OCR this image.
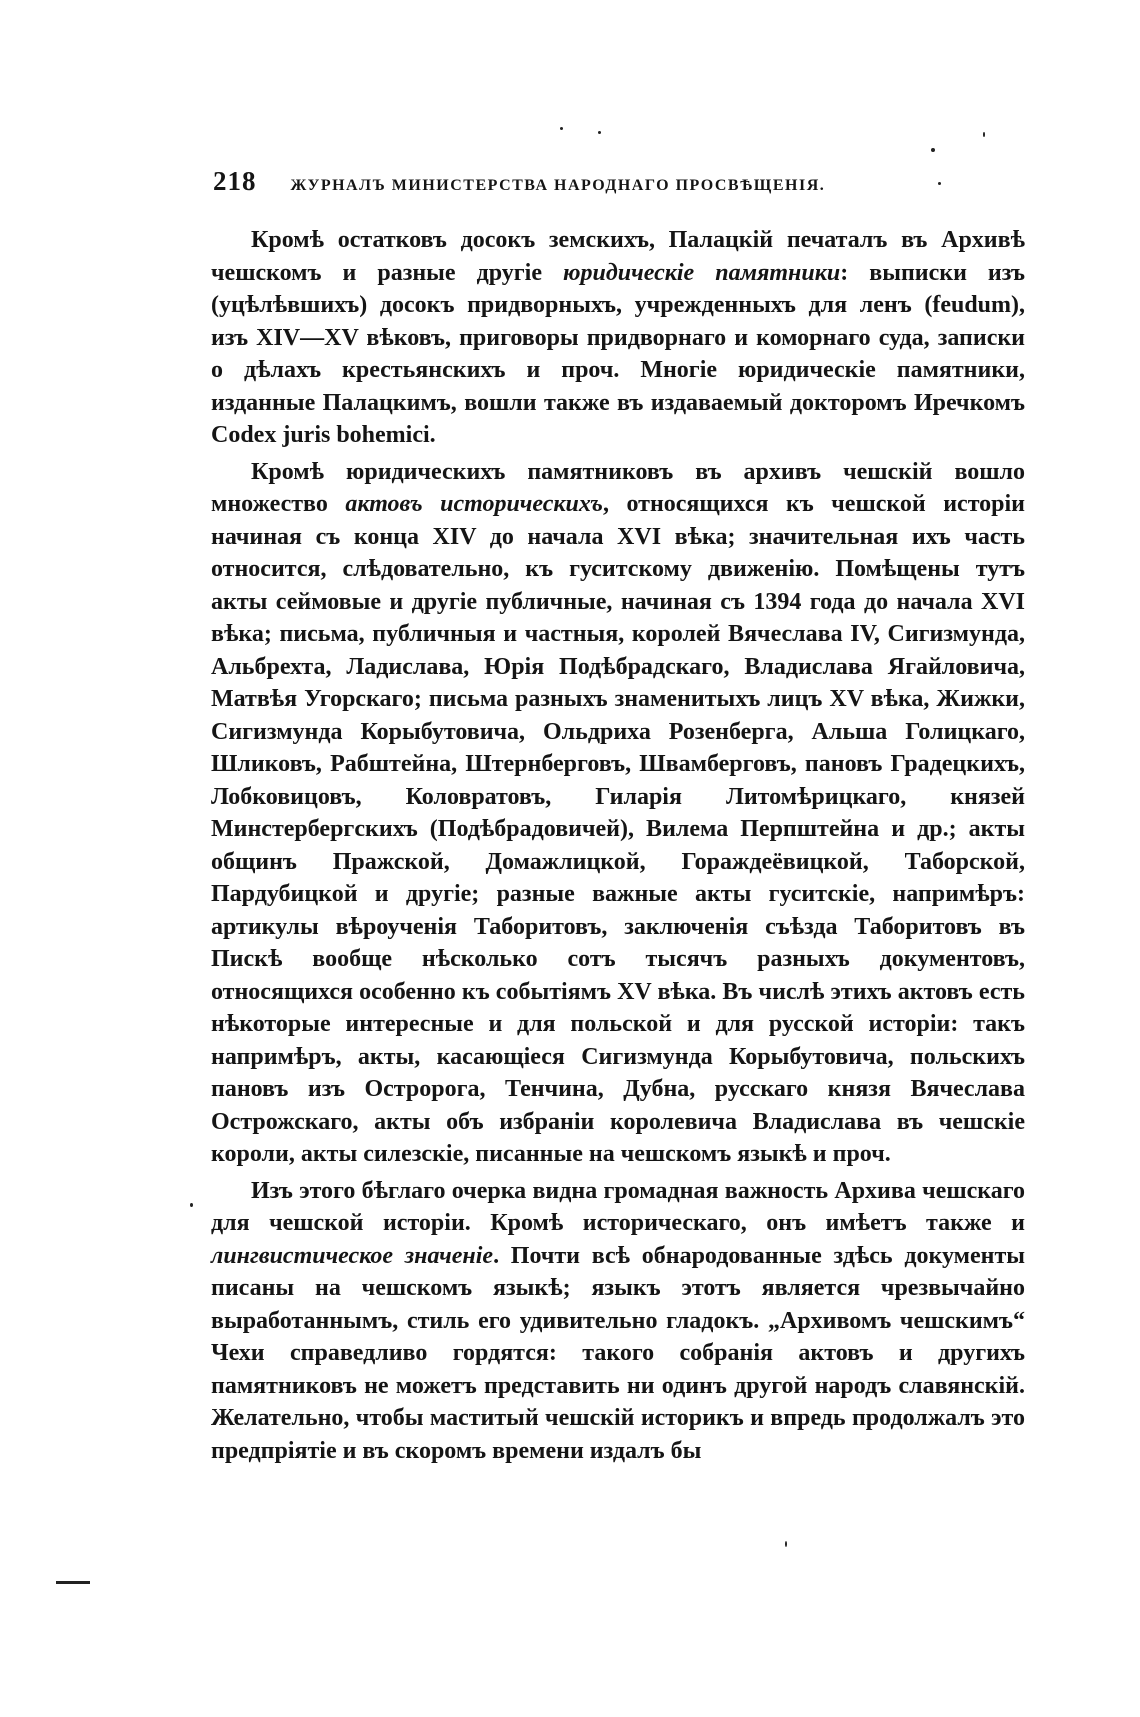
218 ЖУРНАЛЪ МИНИСТЕРСТВА НАРОДНАГО ПРОСВѢЩЕНІЯ.

Кромѣ остатковъ досокъ земскихъ, Палацкій печаталъ въ Архивѣ чешскомъ и разные другіе юридическіе памятники: выписки изъ (уцѣлѣвшихъ) досокъ придворныхъ, учрежденныхъ для ленъ (feudum), изъ XIV—XV вѣковъ, приговоры придворнаго и коморнаго суда, записки о дѣлахъ крестьянскихъ и проч. Многіе юридическіе памятники, изданные Палацкимъ, вошли также въ издаваемый докторомъ Иречкомъ Codex juris bohemici.

Кромѣ юридическихъ памятниковъ въ архивъ чешскій вошло множество актовъ историческихъ, относящихся къ чешской исторіи начиная съ конца XIV до начала XVI вѣка; значительная ихъ часть относится, слѣдовательно, къ гуситскому движенію. Помѣщены тутъ акты сеймовые и другіе публичные, начиная съ 1394 года до начала XVI вѣка; письма, публичныя и частныя, королей Вячеслава IV, Сигизмунда, Альбрехта, Ладислава, Юрія Подѣбрадскаго, Владислава Ягайловича, Матвѣя Угорскаго; письма разныхъ знаменитыхъ лицъ XV вѣка, Жижки, Сигизмунда Корыбутовича, Ольдриха Розенберга, Альша Голицкаго, Шликовъ, Рабштейна, Штернберговъ, Швамберговъ, пановъ Градецкихъ, Лобковицовъ, Коловратовъ, Гиларія Литомѣрицкаго, князей Минстербергскихъ (Подѣбрадовичей), Вилема Перпштейна и др.; акты общинъ Пражской, Домажлицкой, Гораждеёвицкой, Таборской, Пардубицкой и другіе; разные важные акты гуситскіе, напримѣръ: артикулы вѣроученія Таборитовъ, заключенія съѣзда Таборитовъ въ Пискѣ вообще нѣсколько сотъ тысячъ разныхъ документовъ, относящихся особенно къ событіямъ XV вѣка. Въ числѣ этихъ актовъ есть нѣкоторые интересные и для польской и для русской исторіи: такъ напримѣръ, акты, касающіеся Сигизмунда Корыбутовича, польскихъ пановъ изъ Остророга, Тенчина, Дубна, русскаго князя Вячеслава Острожскаго, акты объ избраніи королевича Владислава въ чешскіе короли, акты силезскіе, писанные на чешскомъ языкѣ и проч.

Изъ этого бѣглаго очерка видна громадная важность Архива чешскаго для чешской исторіи. Кромѣ историческаго, онъ имѣетъ также и лингвистическое значеніе. Почти всѣ обнародованные здѣсь документы писаны на чешскомъ языкѣ; языкъ этотъ является чрезвычайно выработаннымъ, стиль его удивительно гладокъ. „Архивомъ чешскимъ“ Чехи справедливо гордятся: такого собранія актовъ и другихъ памятниковъ не можетъ представить ни одинъ другой народъ славянскій. Желательно, чтобы маститый чешскій историкъ и впредь продолжалъ это предпріятіе и въ скоромъ времени издалъ бы
